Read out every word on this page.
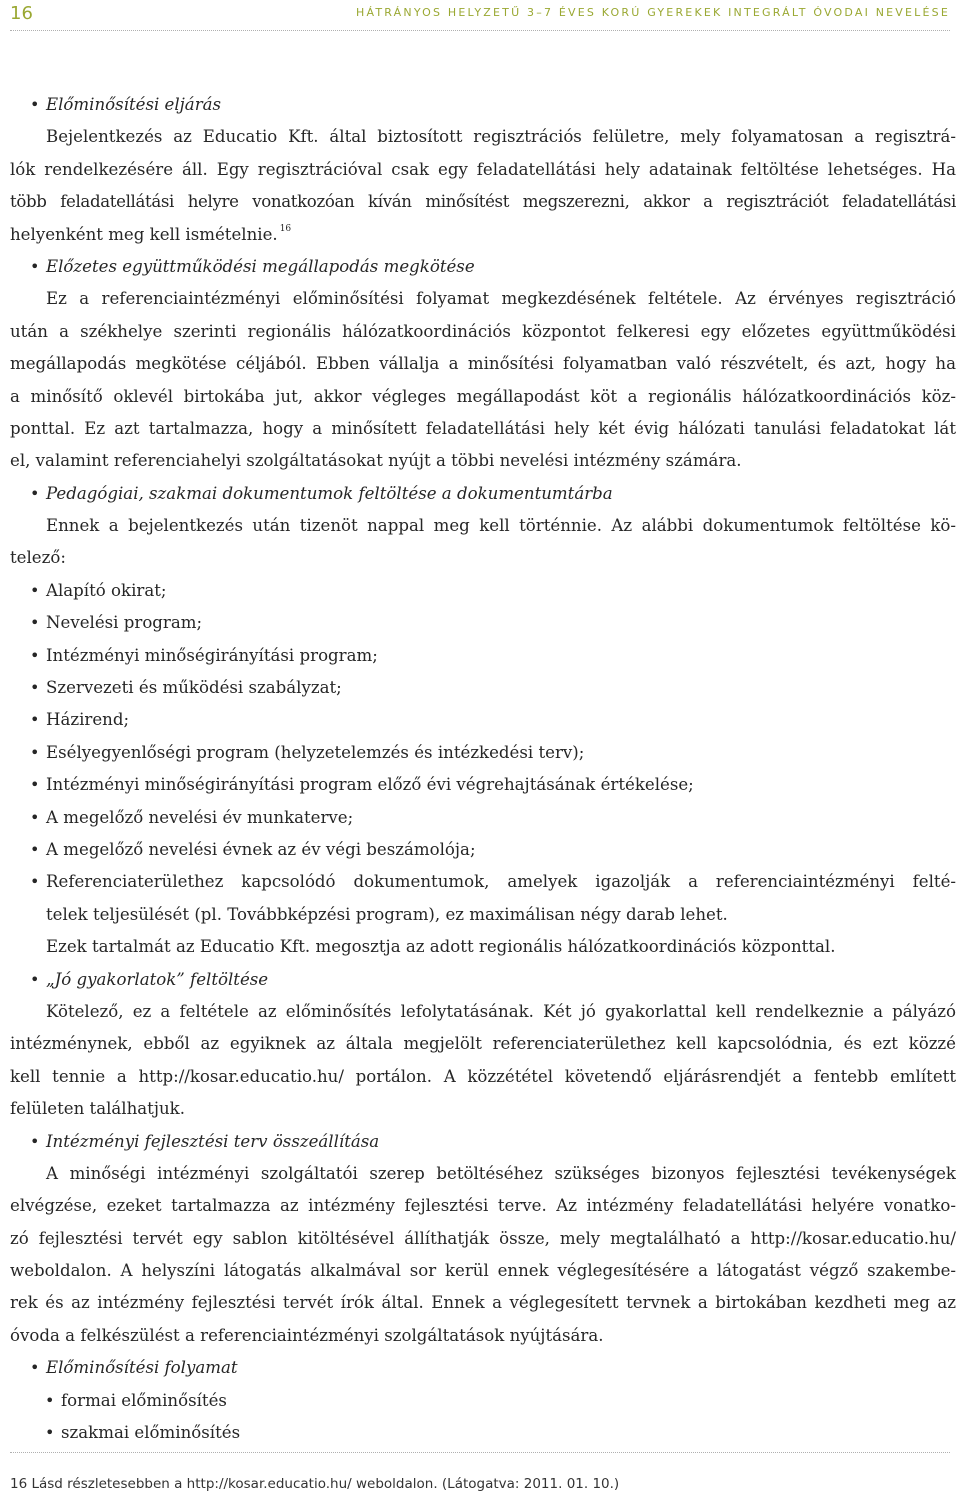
16	HÁTRÁNYOS HELYZETŰ 3–7 ÉVES KORÚ GYEREKEK INTEGRÁLT ÓVODAI NEVELÉSE
• Előminősítési eljárás
Bejelentkezés az Educatio Kft. által biztosított regisztrációs felületre, mely folyamatosan a regisztrá-
lók rendelkezésére áll. Egy regisztrációval csak egy feladatellátási hely adatainak feltöltése lehetséges. Ha
több feladatellátási helyre vonatkozóan kíván minősítést megszerezni, akkor a regisztrációt feladatellátási
helyenként meg kell ismételnie. $^{16}$
• Előzetes együttműködési megállapodás megkötése
Ez a referenciaintézményi előminősítési folyamat megkezdésének feltétele. Az érvényes regisztráció
után a székhelye szerinti regionális hálózatkoordinációs központot felkeresi egy előzetes együttműködési
megállapodás megkötése céljából. Ebben vállalja a minősítési folyamatban való részvételt, és azt, hogy ha
a minősítő oklevél birtokába jut, akkor végleges megállapodást köt a regionális hálózatkoordinációs köz-
ponttal. Ez azt tartalmazza, hogy a minősített feladatellátási hely két évig hálózati tanulási feladatokat lát
el, valamint referenciahelyi szolgáltatásokat nyújt a többi nevelési intézmény számára.
• Pedagógiai, szakmai dokumentumok feltöltése a dokumentumtárba
Ennek a bejelentkezés után tizenöt nappal meg kell történnie. Az alábbi dokumentumok feltöltése kö-
telező:
• Alapító okirat;
• Nevelési program;
• Intézményi minőségirányítási program;
• Szervezeti és működési szabályzat;
• Házirend;
• Esélyegyenlőségi program (helyzetelemzés és intézkedési terv);
• Intézményi minőségirányítási program előző évi végrehajtásának értékelése;
• A megelőző nevelési év munkaterve;
• A megelőző nevelési évnek az év végi beszámolója;
• Referenciaterülethez kapcsolódó dokumentumok, amelyek igazolják a referenciaintézményi felté-
telek teljesülését (pl. Továbbképzési program), ez maximálisan négy darab lehet.
Ezek tartalmát az Educatio Kft. megosztja az adott regionális hálózatkoordinációs központtal.
• „Jó gyakorlatok” feltöltése
Kötelező, ez a feltétele az előminősítés lefolytatásának. Két jó gyakorlattal kell rendelkeznie a pályázó
intézménynek, ebből az egyiknek az általa megjelölt referenciaterülethez kell kapcsolódnia, és ezt közzé
kell tennie a http://kosar.educatio.hu/ portálon. A közzététel követendő eljárásrendjét a fentebb említett
felületen találhatjuk.
• Intézményi fejlesztési terv összeállítása
A minőségi intézményi szolgáltatói szerep betöltéséhez szükséges bizonyos fejlesztési tevékenységek
elvégzése, ezeket tartalmazza az intézmény fejlesztési terve. Az intézmény feladatellátási helyére vonatko-
zó fejlesztési tervét egy sablon kitöltésével állíthatják össze, mely megtalálható a http://kosar.educatio.hu/
weboldalon. A helyszíni látogatás alkalmával sor kerül ennek véglegesítésére a látogatást végző szakembe-
rek és az intézmény fejlesztési tervét írók által. Ennek a véglegesített tervnek a birtokában kezdheti meg az
óvoda a felkészülést a referenciaintézményi szolgáltatások nyújtására.
• Előminősítési folyamat
• formai előminősítés
• szakmai előminősítés
16 Lásd részletesebben a http://kosar.educatio.hu/ weboldalon. (Látogatva: 2011. 01. 10.)
